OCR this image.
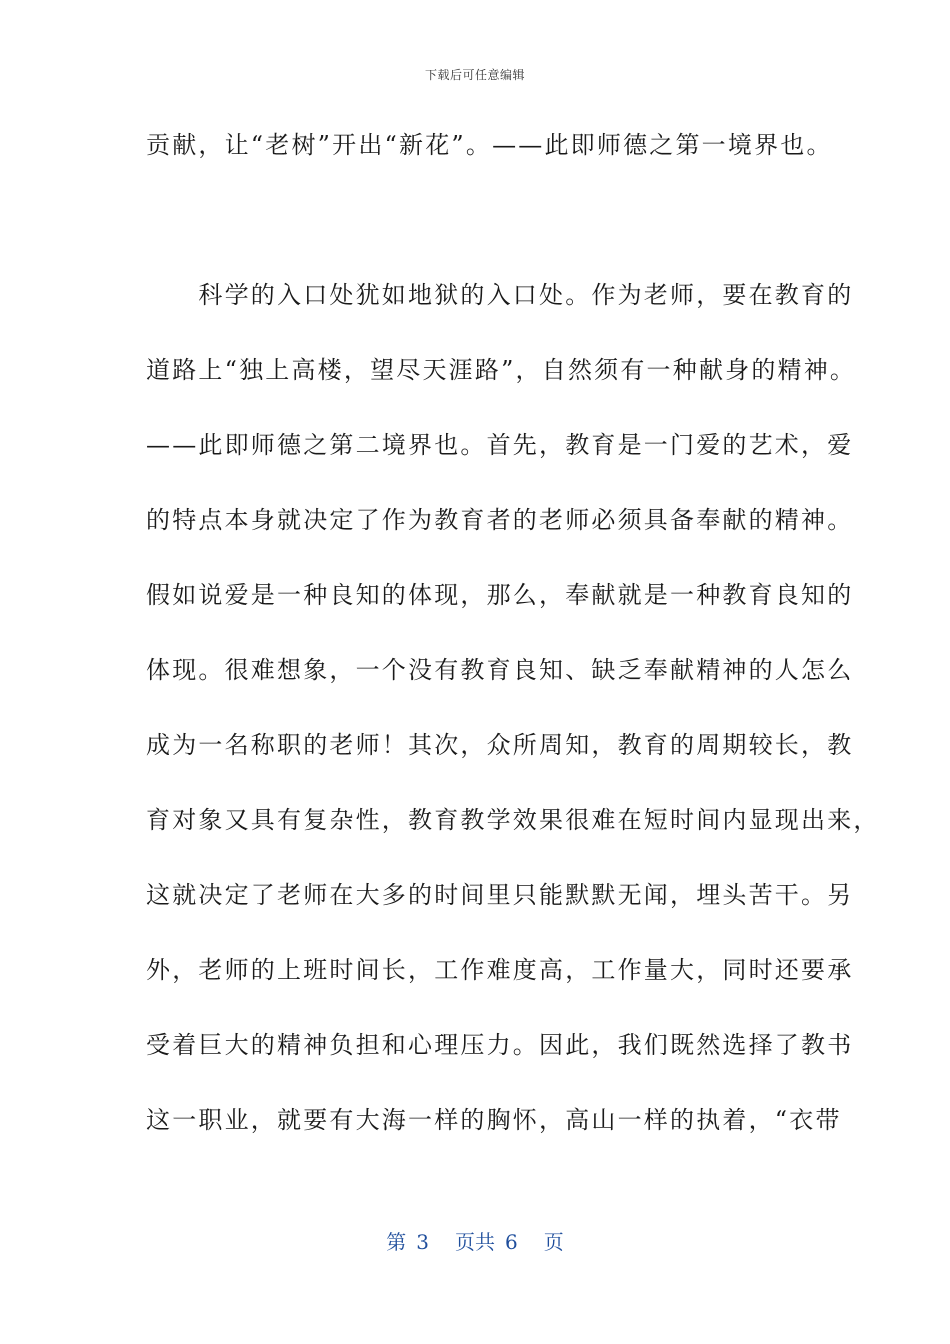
下载后可任意编辑
贡献，让“老树”开出“新花”。——此即师德之第一境界也。
　　科学的入口处犹如地狱的入口处。作为老师，要在教育的
道路上“独上高楼，望尽天涯路”，自然须有一种献身的精神。
——此即师德之第二境界也。首先，教育是一门爱的艺术，爱
的特点本身就决定了作为教育者的老师必须具备奉献的精神。
假如说爱是一种良知的体现，那么，奉献就是一种教育良知的
体现。很难想象，一个没有教育良知、缺乏奉献精神的人怎么
成为一名称职的老师！其次，众所周知，教育的周期较长，教
育对象又具有复杂性，教育教学效果很难在短时间内显现出来，
这就决定了老师在大多的时间里只能默默无闻，埋头苦干。另
外，老师的上班时间长，工作难度高，工作量大，同时还要承
受着巨大的精神负担和心理压力。因此，我们既然选择了教书
这一职业，就要有大海一样的胸怀，高山一样的执着，“衣带
第 3 页共 6 页
